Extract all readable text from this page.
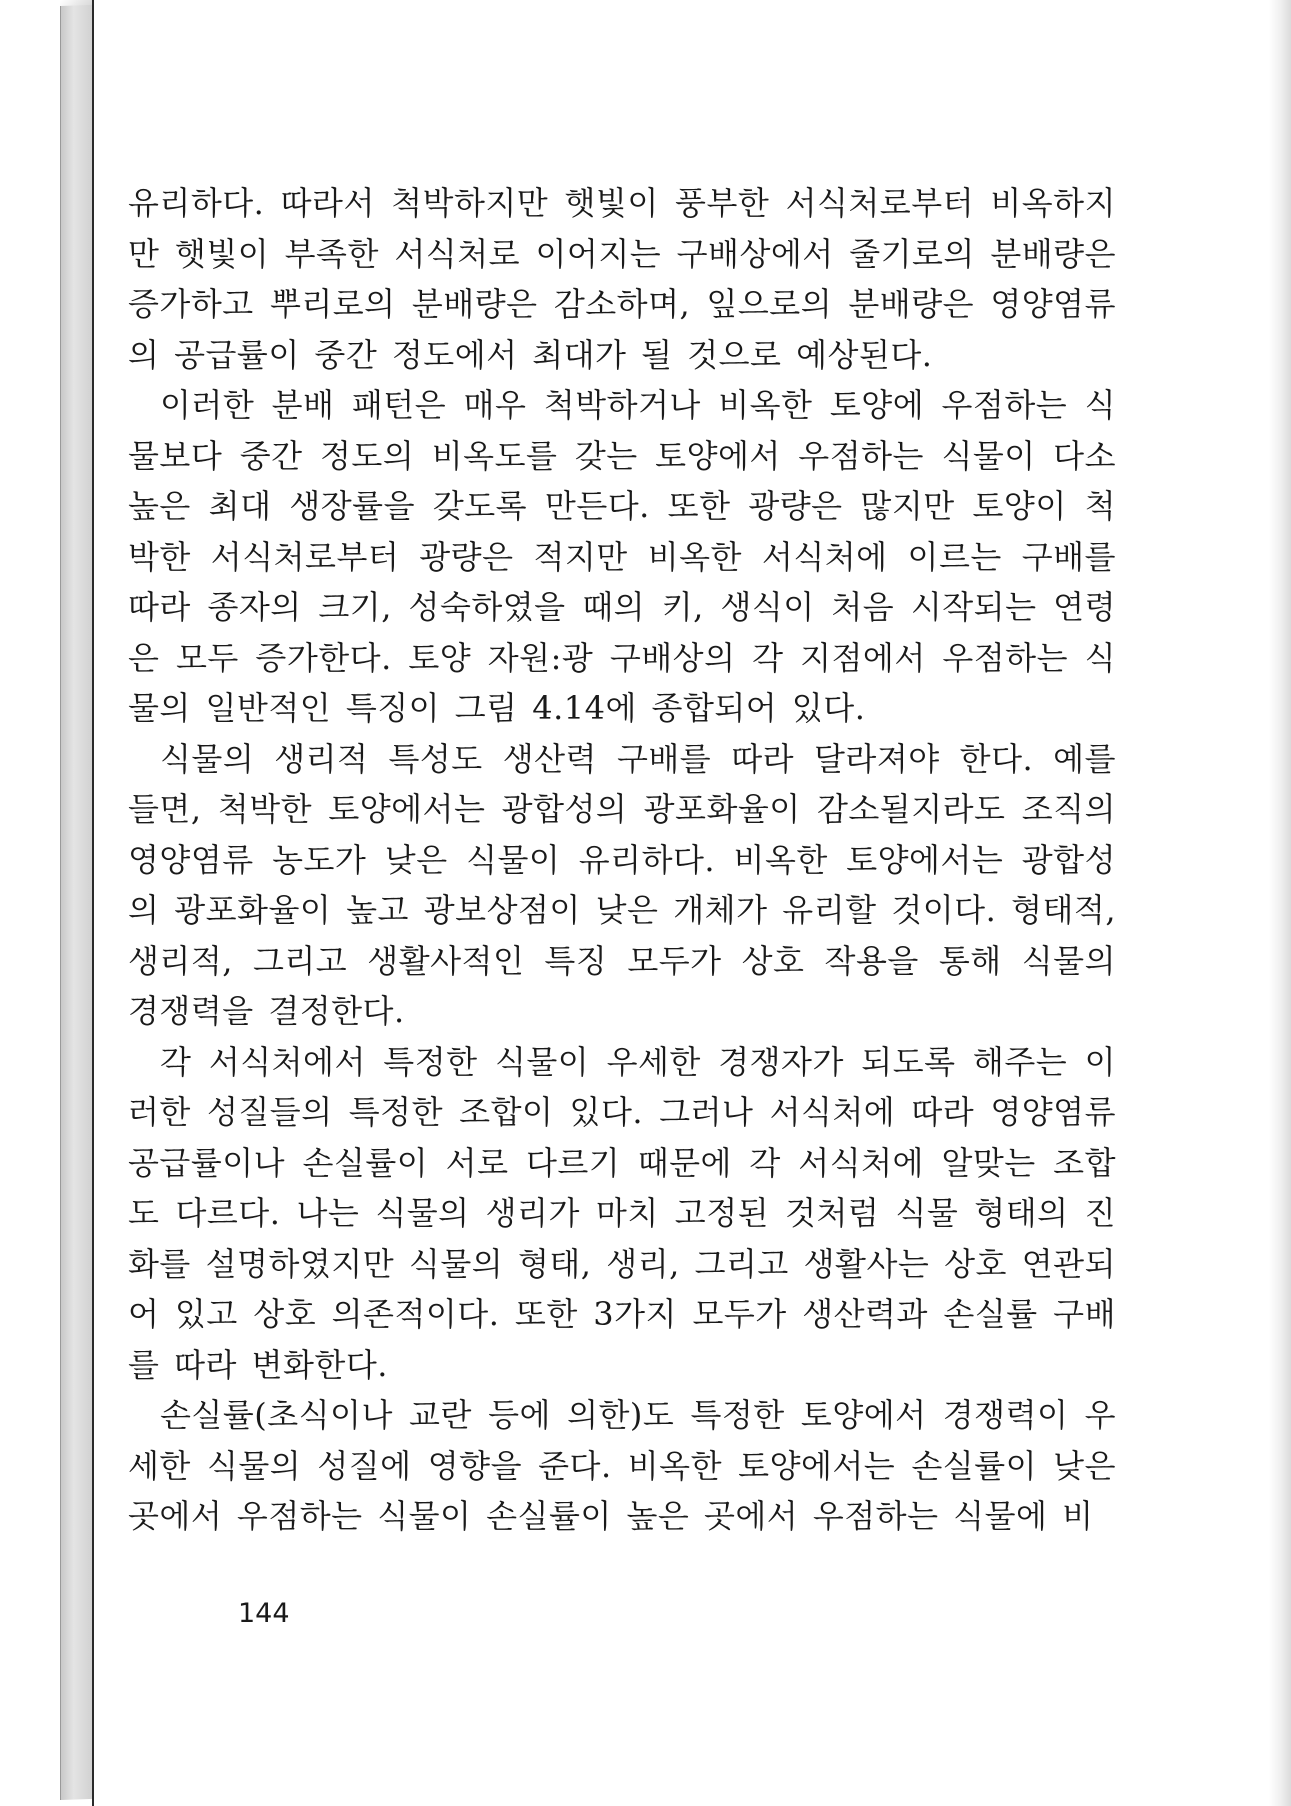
유리하다. 따라서 척박하지만 햇빛이 풍부한 서식처로부터 비옥하지만 햇빛이 부족한 서식처로 이어지는 구배상에서 줄기로의 분배량은 증가하고 뿌리로의 분배량은 감소하며, 잎으로의 분배량은 영양염류의 공급률이 중간 정도에서 최대가 될 것으로 예상된다.

이러한 분배 패턴은 매우 척박하거나 비옥한 토양에 우점하는 식물보다 중간 정도의 비옥도를 갖는 토양에서 우점하는 식물이 다소 높은 최대 생장률을 갖도록 만든다. 또한 광량은 많지만 토양이 척박한 서식처로부터 광량은 적지만 비옥한 서식처에 이르는 구배를 따라 종자의 크기, 성숙하였을 때의 키, 생식이 처음 시작되는 연령은 모두 증가한다. 토양 자원:광 구배상의 각 지점에서 우점하는 식물의 일반적인 특징이 그림 4.14에 종합되어 있다.

식물의 생리적 특성도 생산력 구배를 따라 달라져야 한다. 예를 들면, 척박한 토양에서는 광합성의 광포화율이 감소될지라도 조직의 영양염류 농도가 낮은 식물이 유리하다. 비옥한 토양에서는 광합성의 광포화율이 높고 광보상점이 낮은 개체가 유리할 것이다. 형태적, 생리적, 그리고 생활사적인 특징 모두가 상호 작용을 통해 식물의 경쟁력을 결정한다.

각 서식처에서 특정한 식물이 우세한 경쟁자가 되도록 해주는 이러한 성질들의 특정한 조합이 있다. 그러나 서식처에 따라 영양염류 공급률이나 손실률이 서로 다르기 때문에 각 서식처에 알맞는 조합도 다르다. 나는 식물의 생리가 마치 고정된 것처럼 식물 형태의 진화를 설명하였지만 식물의 형태, 생리, 그리고 생활사는 상호 연관되어 있고 상호 의존적이다. 또한 3가지 모두가 생산력과 손실률 구배를 따라 변화한다.

손실률(초식이나 교란 등에 의한)도 특정한 토양에서 경쟁력이 우세한 식물의 성질에 영향을 준다. 비옥한 토양에서는 손실률이 낮은 곳에서 우점하는 식물이 손실률이 높은 곳에서 우점하는 식물에 비

144
